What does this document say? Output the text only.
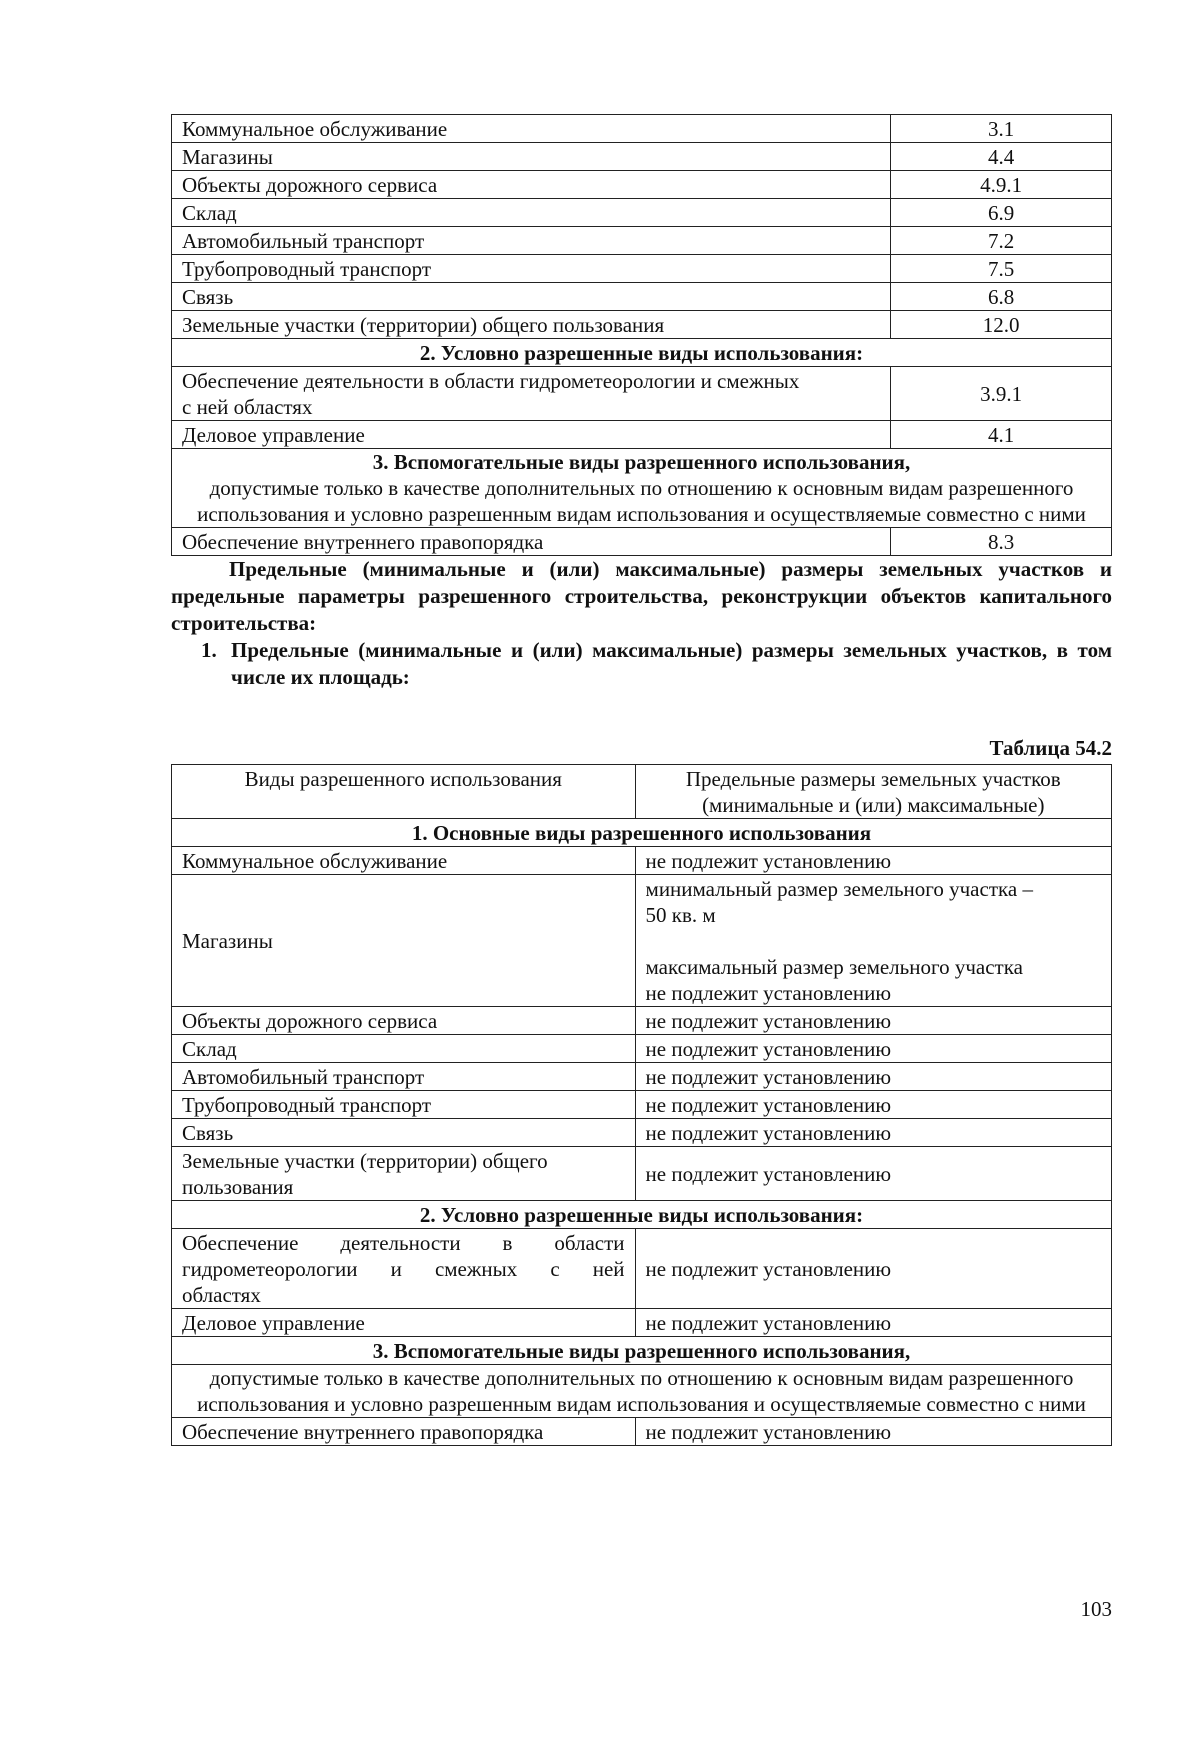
Коммунальное обслуживание	3.1
Магазины	4.4
Объекты дорожного сервиса	4.9.1
Склад	6.9
Автомобильный транспорт	7.2
Трубопроводный транспорт	7.5
Связь	6.8
Земельные участки (территории) общего пользования	12.0
2. Условно разрешенные виды использования:	
Обеспечение деятельности в области гидрометеорологии и смежных
с ней областях	3.9.1
Деловое управление	4.1

3. Вспомогательные виды разрешенного использования,
допустимые только в качестве дополнительных по отношению к основным видам разрешенного использования и условно разрешенным видам использования и осуществляемые совместно с ними	
Обеспечение внутреннего правопорядка	8.3

Предельные (минимальные и (или) максимальные) размеры земельных участков и предельные параметры разрешенного строительства, реконструкции объектов капитального строительства:

1. Предельные (минимальные и (или) максимальные) размеры земельных участков, в том числе их площадь:

Таблица 54.2
Виды разрешенного использования	Предельные размеры земельных участков
(минимальные и (или) максимальные)
1. Основные виды разрешенного использования	
Коммунальное обслуживание	не подлежит установлению
Магазины	минимальный размер земельного участка –
50 кв. м
максимальный размер земельного участка
не подлежит установлению
Объекты дорожного сервиса	не подлежит установлению
Склад	не подлежит установлению
Автомобильный транспорт	не подлежит установлению
Трубопроводный транспорт	не подлежит установлению
Связь	не подлежит установлению
Земельные участки (территории) общего
пользования	не подлежит установлению
2. Условно разрешенные виды использования:	

Обеспечение деятельности в области
гидрометеорологии и смежных с ней
областях	не подлежит установлению
Деловое управление	не подлежит установлению
3. Вспомогательные виды разрешенного использования,	
допустимые только в качестве дополнительных по отношению к основным видам разрешенного использования и условно разрешенным видам использования и осуществляемые совместно с ними	
Обеспечение внутреннего правопорядка	не подлежит установлению
103
